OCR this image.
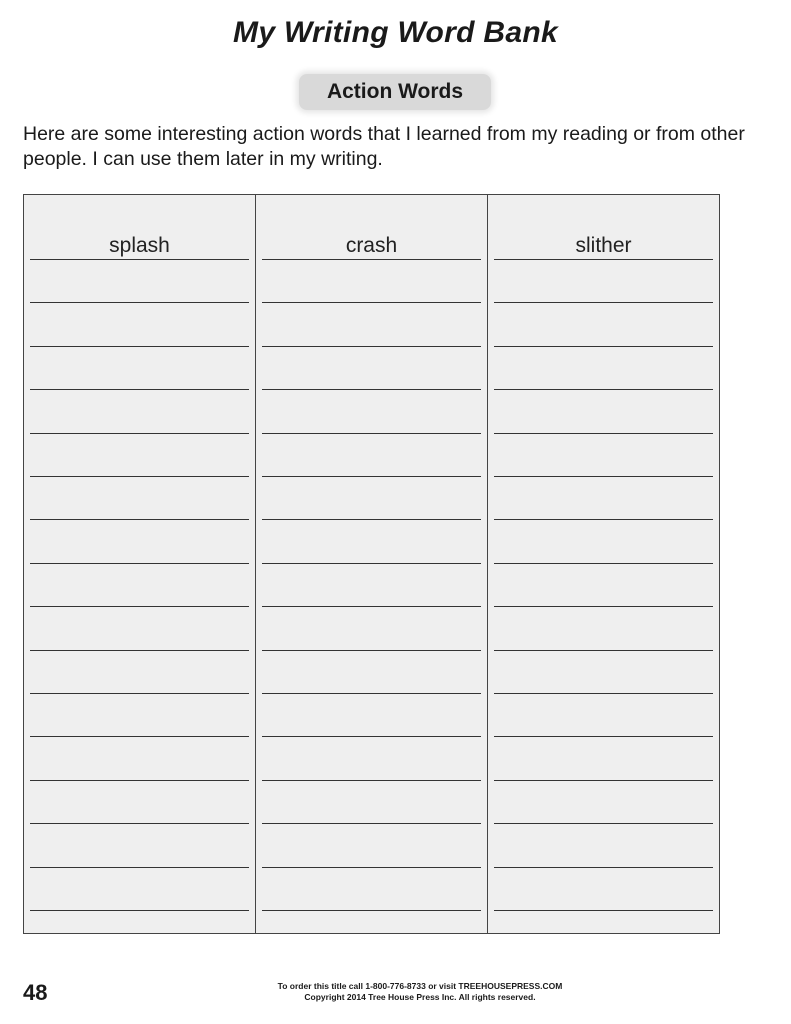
My Writing Word Bank
Action Words
Here are some interesting action words that I learned from my reading or from other people. I can use them later in my writing.
splash	crash	slither
48	To order this title call 1-800-776-8733 or visit TREEHOUSEPRESS.COM
Copyright 2014 Tree House Press Inc. All rights reserved.
